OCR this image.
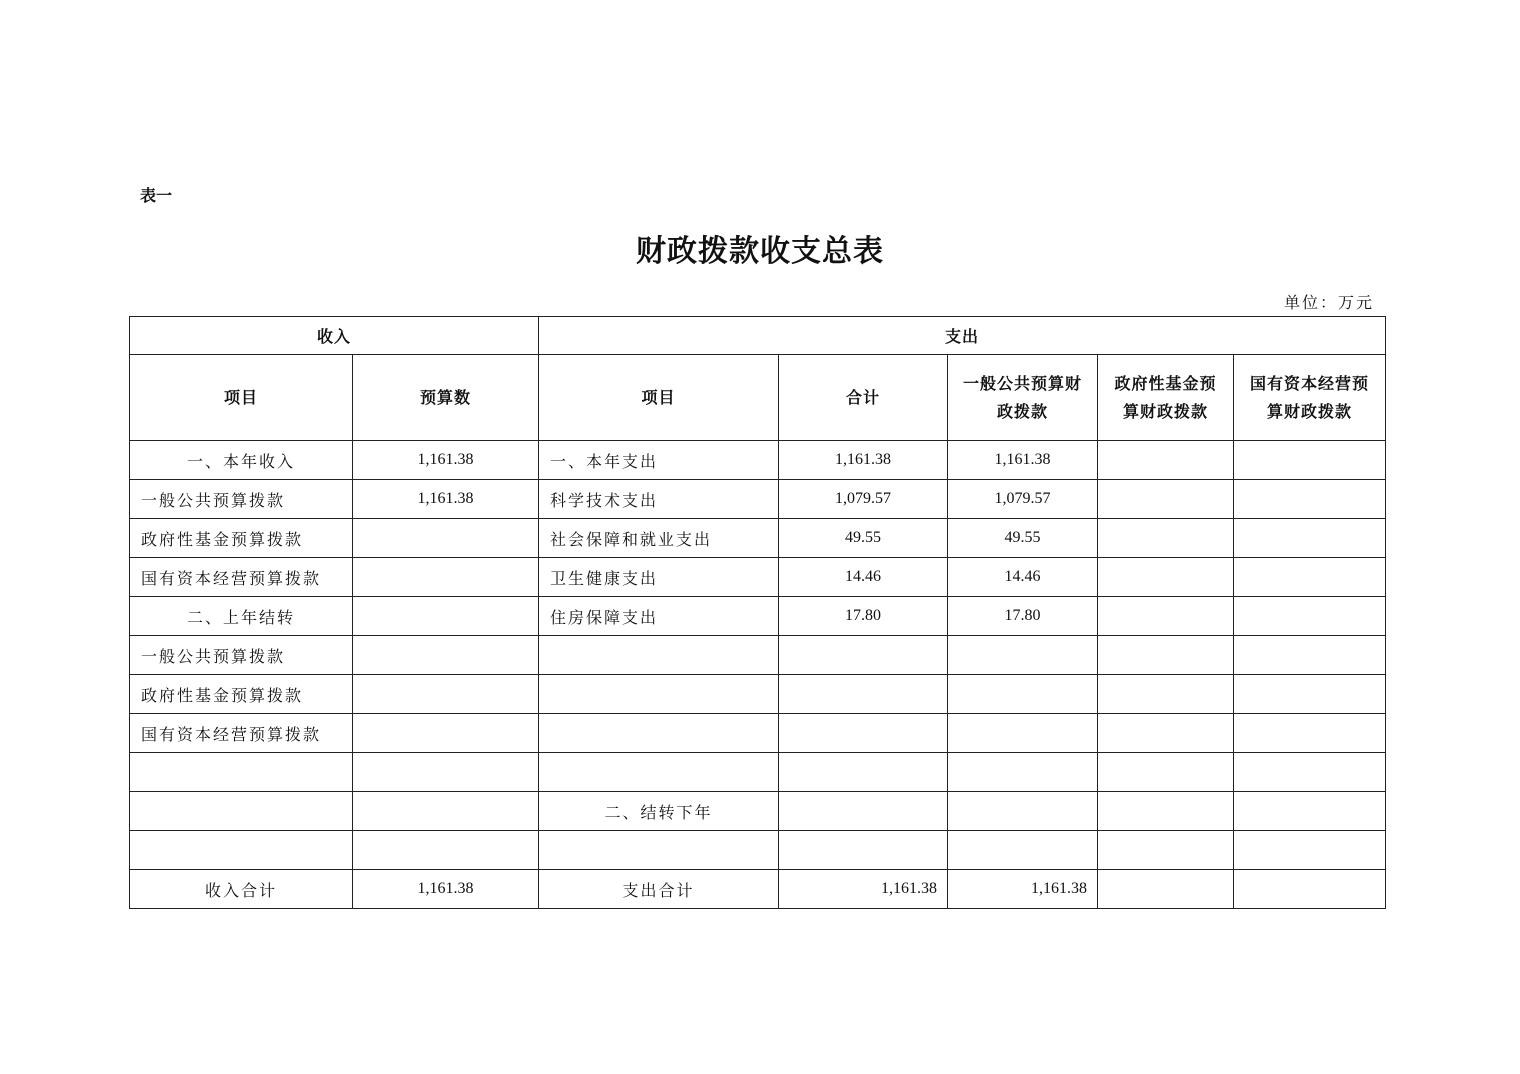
表一
财政拨款收支总表
单位：万元
收入		支出				
项目	预算数	项目	合计	一般公共预算财政拨款	政府性基金预算财政拨款	国有资本经营预算财政拨款
一、本年收入	1,161.38	一、本年支出	1,161.38	1,161.38		
一般公共预算拨款	1,161.38	科学技术支出	1,079.57	1,079.57		
政府性基金预算拨款		社会保障和就业支出	49.55	49.55		
国有资本经营预算拨款		卫生健康支出	14.46	14.46		
二、上年结转		住房保障支出	17.80	17.80		
一般公共预算拨款						
政府性基金预算拨款						
国有资本经营预算拨款						

		二、结转下年				

收入合计	1,161.38	支出合计	1,161.38	1,161.38		
